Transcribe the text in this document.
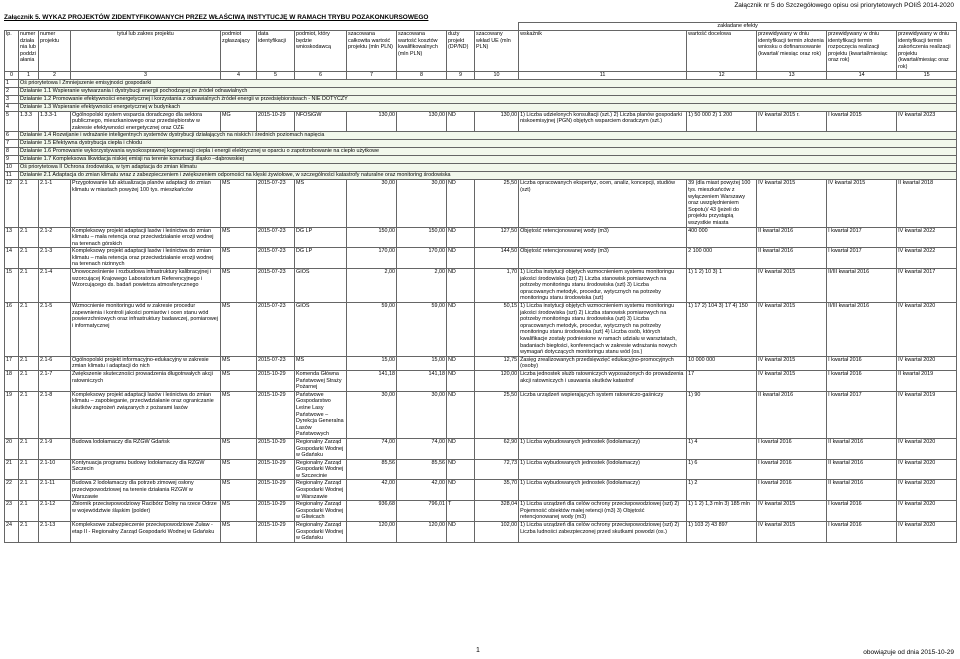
Załącznik nr 5 do Szczegółowego opisu osi priorytetowych POIiŚ 2014-2020
Załącznik 5. WYKAZ PROJEKTÓW ZIDENTYFIKOWANYCH PRZEZ WŁAŚCIWĄ INSTYTUCJĘ W RAMACH TRYBU POZAKONKURSOWEGO
											zakładane efekty				
lp.	numer działania lub poddziałania	numer projektu	tytuł lub zakres projektu	podmiot zgłaszający	data identyfikacji	podmiot, który będzie wnioskodawcą	szacowana całkowita wartość projektu (mln PLN)	szacowana wartość kosztów kwalifikowalnych (mln PLN)	duży projekt (DP/ND)	szacowany wkład UE (mln PLN)	wskaźnik	wartość docelowa	przewidywany w dniu identyfikacji termin złożenia wniosku o dofinansowanie (kwartał/ miesiąc oraz rok)	przewidywany w dniu identyfikacji termin rozpoczęcia realizacji projektu (kwartał/miesiąc oraz rok)	przewidywany w dniu identyfikacji termin zakończenia realizacji projektu (kwartał/miesiąc oraz rok)
0	1	2	3	4	5	6	7	8	9	10	11	12	13	14	15
1	Oś priorytetowa I Zmniejszenie emisyjności gospodarki														
2	Działanie 1.1 Wspieranie wytwarzania i dystrybucji energii pochodzącej ze źródeł odnawialnych														
3	Działanie 1.2 Promowanie efektywności energetycznej i korzystania z odnawialnych źródeł energii w przedsiębiorstwach - NIE DOTYCZY														
4	Działanie 1.3 Wspieranie efektywności energetycznej w budynkach														
5	1.3.3	1.3.3-1	Ogólnopolski system wsparcia doradczego dla sektora publicznego, mieszkaniowego oraz przedsiębiorstw w zakresie efektywności energetycznej oraz OZE	MG	2015-10-29	NFOŚiGW	130,00	130,00	ND	130,00	1) Liczba udzielonych konsultacji (szt.) 2) Liczba planów gospodarki niskoemisyjnej (PGN) objętych wsparciem doradczym (szt.)	1) 50 000 2) 1 200	IV kwartał 2015 r.	I kwartał 2015	IV kwartał 2023
6	Działanie 1.4 Rozwijanie i wdrażanie inteligentnych systemów dystrybucji działających na niskich i średnich poziomach napięcia														
7	Działanie 1.5 Efektywna dystrybucja ciepła i chłodu														
8	Działanie 1.6 Promowanie wykorzystywania wysokosprawnej kogeneracji ciepła i energii elektrycznej w oparciu o zapotrzebowanie na ciepło użytkowe														
9	Działanie 1.7 Kompleksowa likwidacja niskiej emisji na terenie konurbacji śląsko –dąbrowskiej														
10	Oś priorytetowa II Ochrona środowiska, w tym adaptacja do zmian klimatu														
11	Działanie 2.1 Adaptacja do zmian klimatu wraz z zabezpieczeniem i zwiększeniem odporności na klęski żywiołowe, w szczególności katastrofy naturalne oraz monitoring środowiska														
12	2.1	2.1-1	Przygotowanie lub aktualizacja planów adaptacji do zmian klimatu w miastach powyżej 100 tys. mieszkańców	MŚ	2015-07-23	MŚ	30,00	30,00	ND	25,50	Liczba opracowanych ekspertyz, ocen, analiz, koncepcji, studiów (szt)	39 (dla miast powyżej 100 tys. mieszkańców z wyłączeniem Warszawy oraz uwzględnieniem Sopotu)/ 43 (jeżeli do projektu przystąpią wszystkie miasta	IV kwartał 2015	IV kwartał 2015	II kwartał 2018
13	2.1	2.1-2	Kompleksowy projekt adaptacji lasów i leśnictwa do zmian klimatu – mała retencja oraz przeciwdziałanie erozji wodnej na terenach górskich	MŚ	2015-07-23	DG LP	150,00	150,00	ND	127,50	Objętość retencjonowanej wody (m3)	400 000	II kwartał 2016	I kwartał 2017	IV kwartał 2022
14	2.1	2.1-3	Kompleksowy projekt adaptacji lasów i leśnictwa do zmian klimatu – mała retencja oraz przeciwdziałanie erozji wodnej na terenach nizinnych	MŚ	2015-07-23	DG LP	170,00	170,00	ND	144,50	Objętość retencjonowanej wody (m3)	2 100 000	II kwartał 2016	I kwartał 2017	IV kwartał 2022
15	2.1	2.1-4	Unowocześnienie i rozbudowa infrastruktury kalibracyjnej i wzorcującej Krajowego Laboratorium Referencyjnego i Wzorcującego ds. badań powietrza atmosferycznego	MŚ	2015-07-23	GIOŚ	2,00	2,00	ND	1,70	1) Liczba instytucji objętych wzmocnieniem systemu monitoringu jakości środowiska (szt) 2) Liczba stanowisk pomiarowych na potrzeby monitoringu stanu środowiska (szt) 3) Liczba opracowanych metodyk, procedur, wytycznych na potrzeby monitoringu stanu środowiska (szt)	1) 1 2) 10 3) 1	IV kwartał 2015	II/III kwartał 2016	IV kwartał 2017
16	2.1	2.1-5	Wzmocnienie monitoringu wód w zakresie procedur zapewnienia i kontroli jakości pomiarów i ocen stanu wód powierzchniowych oraz infrastruktury badawczej, pomiarowej i informatycznej	MŚ	2015-07-23	GIOŚ	59,00	59,00	ND	50,15	1) Liczba instytucji objętych wzmocnieniem systemu monitoringu jakości środowiska (szt) 2) Liczba stanowisk pomiarowych na potrzeby monitoringu stanu środowiska (szt) 3) Liczba opracowanych metodyk, procedur, wytycznych na potrzeby monitoringu stanu środowiska (szt) 4) Liczba osób, których kwalifikacje zostały podniesione w ramach udziału w warsztatach, badaniach biegłości, konferencjach w zakresie wdrażania nowych wymagań dotyczących monitoringu stanu wód (os.)	1) 17 2) 104 3) 17 4) 150	IV kwartał 2015	II/III kwartał 2016	IV kwartał 2020
17	2.1	2.1-6	Ogólnopolski projekt informacyjno-edukacyjny w zakresie zmian klimatu i adaptacji do nich	MŚ	2015-07-23	MŚ	15,00	15,00	ND	12,75	Zasięg zrealizowanych przedsięwzięć edukacyjno-promocyjnych (osoby)	10 000 000	IV kwartał 2015	I kwartał 2016	IV kwartał 2020
18	2.1	2.1-7	Zwiększenie skuteczności prowadzenia długotrwałych akcji ratowniczych	MŚ	2015-10-29	Komenda Główna Państwowej Straży Pożarnej	141,18	141,18	ND	120,00	Liczba jednostek służb ratowniczych wyposażonych do prowadzenia akcji ratowniczych i usuwania skutków katastrof	17	IV kwartał 2015	I kwartał 2016	II kwartał 2019
19	2.1	2.1-8	Kompleksowy projekt adaptacji lasów i leśnictwa do zmian klimatu – zapobieganie, przeciwdziałanie oraz ograniczanie skutków zagrożeń związanych z pożarami lasów	MŚ	2015-10-29	Państwowe Gospodarstwo Leśne Lasy Państwowe – Dyrekcja Generalna Lasów Państwowych	30,00	30,00	ND	25,50	Liczba urządzeń wspierających system ratowniczo-gaśniczy	1) 90	II kwartał 2016	I kwartał 2017	IV kwartał 2019
20	2.1	2.1-9	Budowa lodołamaczy dla RZGW Gdańsk	MŚ	2015-10-29	Regionalny Zarząd Gospodarki Wodnej w Gdańsku	74,00	74,00	ND	62,90	1) Liczba wybudowanych jednostek (lodołamaczy)	1) 4	I kwartał 2016	II kwartał 2016	IV kwartał 2020
21	2.1	2.1-10	Kontynuacja programu budowy lodołamaczy dla RZGW Szczecin	MŚ	2015-10-29	Regionalny Zarząd Gospodarki Wodnej w Szczecinie	85,56	85,56	ND	72,73	1) Liczba wybudowanych jednostek (lodołamaczy)	1) 6	I kwartał 2016	II kwartał 2016	IV kwartał 2020
22	2.1	2.1-11	Budowa 2 lodołamaczy dla potrzeb zimowej osłony przeciwpowodziowej na terenie działania RZGW w Warszawie	MŚ	2015-10-29	Regionalny Zarząd Gospodarki Wodnej w Warszawie	42,00	42,00	ND	35,70	1) Liczba wybudowanych jednostek (lodołamaczy)	1) 2	I kwartał 2016	II kwartał 2016	IV kwartał 2020
23	2.1	2.1-12	Zbiornik przeciwpowodziowy Racibórz Dolny na rzece Odrze w województwie śląskim (polder)	MŚ	2015-10-29	Regionalny Zarząd Gospodarki Wodnej w Gliwicach	936,68	796,01	T	328,04	1) Liczba urządzeń dla celów ochrony przeciwpowodziowej (szt) 2) Pojemność obiektów małej retencji (m3) 3) Objętość retencjonowanej wody (m3)	1) 1 2) 1,3 mln 3) 185 mln	IV kwartał 2015	I kwartał 2016	IV kwartał 2020
24	2.1	2.1-13	Kompleksowe zabezpieczenie przeciwpowodziowe Żuław - etap II - Regionalny Zarząd Gospodarki Wodnej w Gdańsku	MŚ	2015-10-29	Regionalny Zarząd Gospodarki Wodnej w Gdańsku	120,00	120,00	ND	102,00	1) Liczba urządzeń dla celów ochrony przeciwpowodziowej (szt) 2) Liczba ludności zabezpieczonej przed skutkami powodzi (os.)	1) 103 2) 43 897	IV kwartał 2015	I kwartał 2016	IV kwartał 2020
1	obowiązuje od dnia 2015-10-29
